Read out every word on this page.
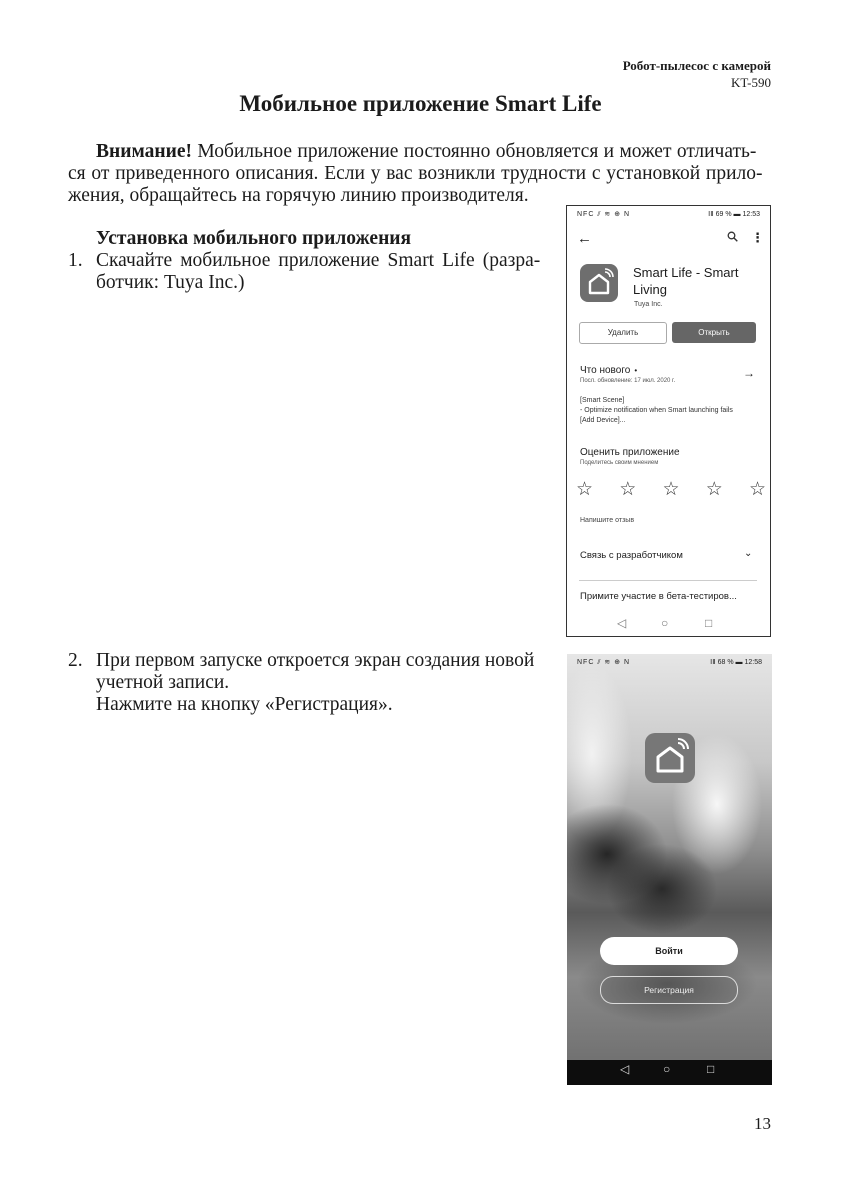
Робот-пылесос с камерой
KT-590
Мобильное приложение Smart Life
Внимание! Мобильное приложение постоянно обновляется и может отличать-
ся от приведенного описания. Если у вас возникли трудности с установкой прило-
жения, обращайтесь на горячую линию производителя.
Установка мобильного приложения
1. Скачайте мобильное приложение Smart Life (разра-
ботчик: Tuya Inc.)
2. При первом запуске откроется экран создания новой
учетной записи.
Нажмите на кнопку «Регистрация».
NFC ⫽ ≋ ⊕ N	ⅠⅡ 69 % ▬ 12:53
←	⋮
Smart Life - Smart Living
Tuya Inc.
Удалить	Открыть
Что нового •	→
Посл. обновление: 17 июл. 2020 г.
[Smart Scene]
- Optimize notification when Smart launching fails
[Add Device]...
Оценить приложение
Поделитесь своим мнением
☆ ☆ ☆ ☆ ☆
Напишите отзыв
Связь с разработчиком	⌄
Примите участие в бета-тестиров...
◁	○	□
NFC ⫽ ≋ ⊕ N	ⅠⅡ 68 % ▬ 12:58
Войти
Регистрация
◁	○	□
13
